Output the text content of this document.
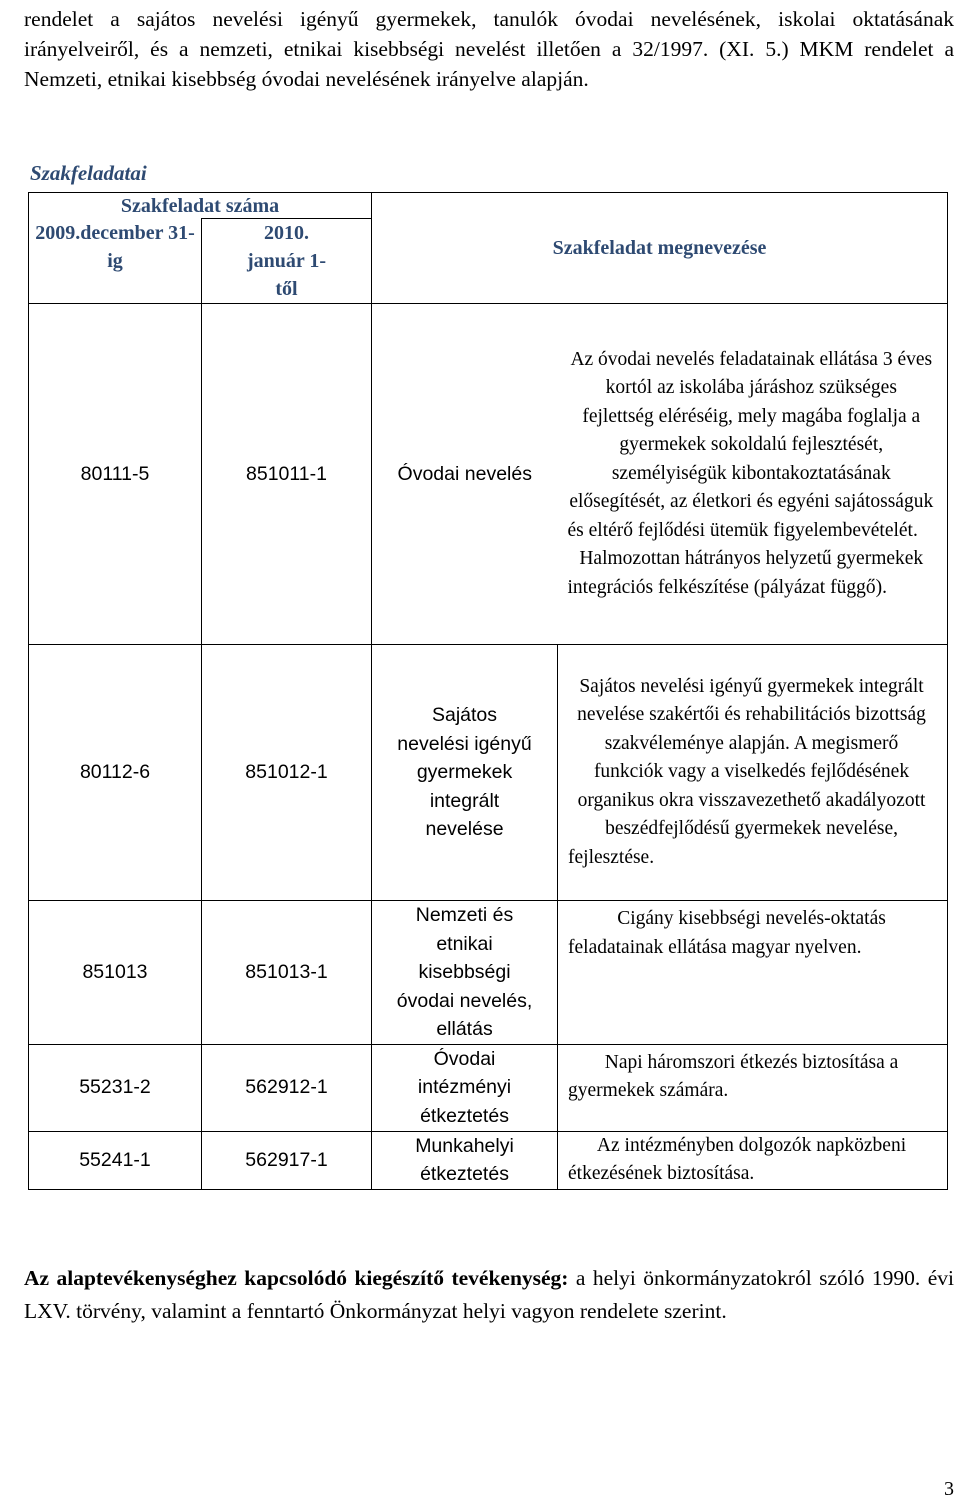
rendelet a sajátos nevelési igényű gyermekek, tanulók óvodai nevelésének, iskolai oktatásának irányelveiről, és a nemzeti, etnikai kisebbségi nevelést illetően a 32/1997. (XI. 5.) MKM rendelet a Nemzeti, etnikai kisebbség óvodai nevelésének irányelve alapján.

Szakfeladatai
Szakfeladat száma		Szakfeladat megnevezése	

2009.december 31-ig	2010. január 1-től		

80111-5	851011-1	Óvodai nevelés	Az óvodai nevelés feladatainak ellátása 3 éves kortól az iskolába járáshoz szükséges fejlettség eléréséig, mely magába foglalja a gyermekek sokoldalú fejlesztését, személyiségük kibontakoztatásának elősegítését, az életkori és egyéni sajátosságuk és eltérő fejlődési ütemük figyelembevételét.

Halmozottan hátrányos helyzetű gyermekek integrációs felkészítése (pályázat függő).

80112-6	851012-1	Sajátos nevelési igényű gyermekek integrált nevelése	Sajátos nevelési igényű gyermekek integrált nevelése szakértői és rehabilitációs bizottság szakvéleménye alapján. A megismerő funkciók vagy a viselkedés fejlődésének organikus okra visszavezethető akadályozott beszédfejlődésű gyermekek nevelése, fejlesztése.

851013	851013-1	Nemzeti és etnikai kisebbségi óvodai nevelés, ellátás	Cigány kisebbségi nevelés-oktatás feladatainak ellátása magyar nyelven.

55231-2	562912-1	Óvodai intézményi étkeztetés	Napi háromszori étkezés biztosítása a gyermekek számára.

55241-1	562917-1	Munkahelyi étkeztetés	Az intézményben dolgozók napközbeni étkezésének biztosítása.

Az alaptevékenységhez kapcsolódó kiegészítő tevékenység: a helyi önkormányzatokról szóló 1990. évi LXV. törvény, valamint a fenntartó Önkormányzat helyi vagyon rendelete szerint.

3
